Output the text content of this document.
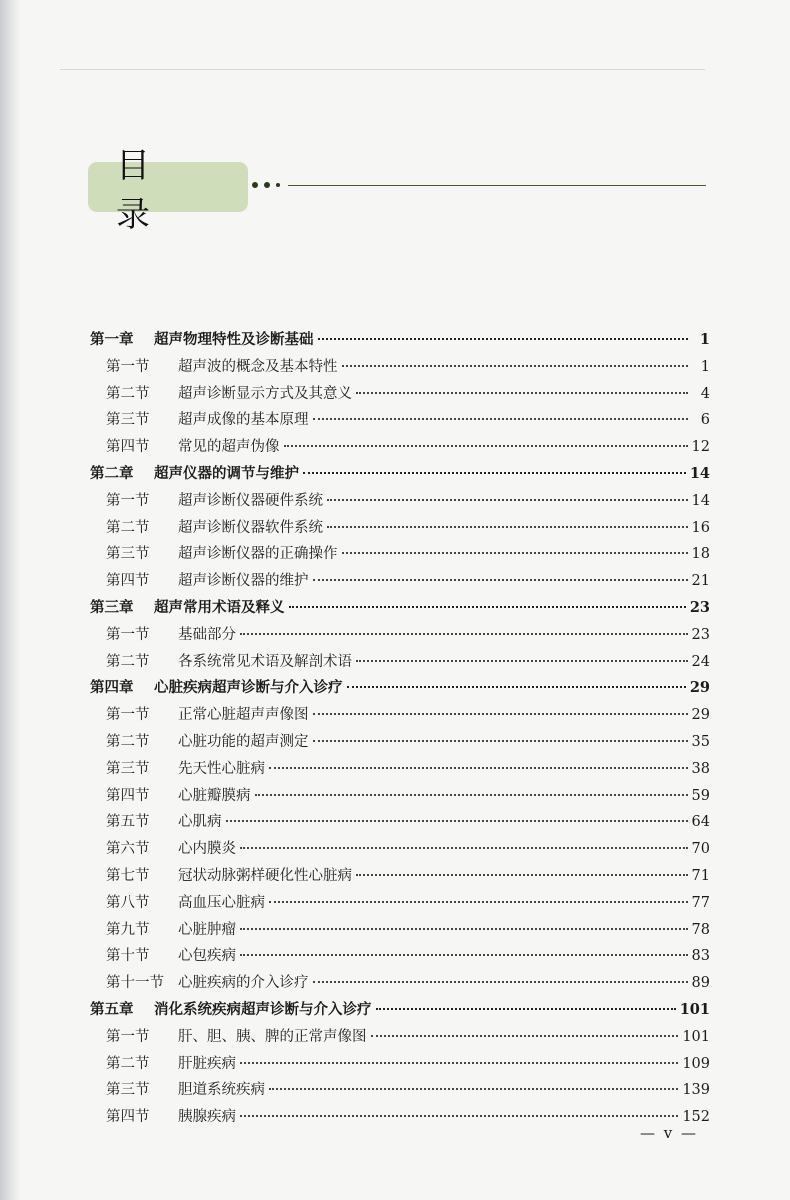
目 录
第一章 超声物理特性及诊断基础	1
第一节 超声波的概念及基本特性	1
第二节 超声诊断显示方式及其意义	4
第三节 超声成像的基本原理	6
第四节 常见的超声伪像	12
第二章 超声仪器的调节与维护	14
第一节 超声诊断仪器硬件系统	14
第二节 超声诊断仪器软件系统	16
第三节 超声诊断仪器的正确操作	18
第四节 超声诊断仪器的维护	21
第三章 超声常用术语及释义	23
第一节 基础部分	23
第二节 各系统常见术语及解剖术语	24
第四章 心脏疾病超声诊断与介入诊疗	29
第一节 正常心脏超声声像图	29
第二节 心脏功能的超声测定	35
第三节 先天性心脏病	38
第四节 心脏瓣膜病	59
第五节 心肌病	64
第六节 心内膜炎	70
第七节 冠状动脉粥样硬化性心脏病	71
第八节 高血压心脏病	77
第九节 心脏肿瘤	78
第十节 心包疾病	83
第十一节 心脏疾病的介入诊疗	89
第五章 消化系统疾病超声诊断与介入诊疗	101
第一节 肝、胆、胰、脾的正常声像图	101
第二节 肝脏疾病	109
第三节 胆道系统疾病	139
第四节 胰腺疾病	152
— v —
